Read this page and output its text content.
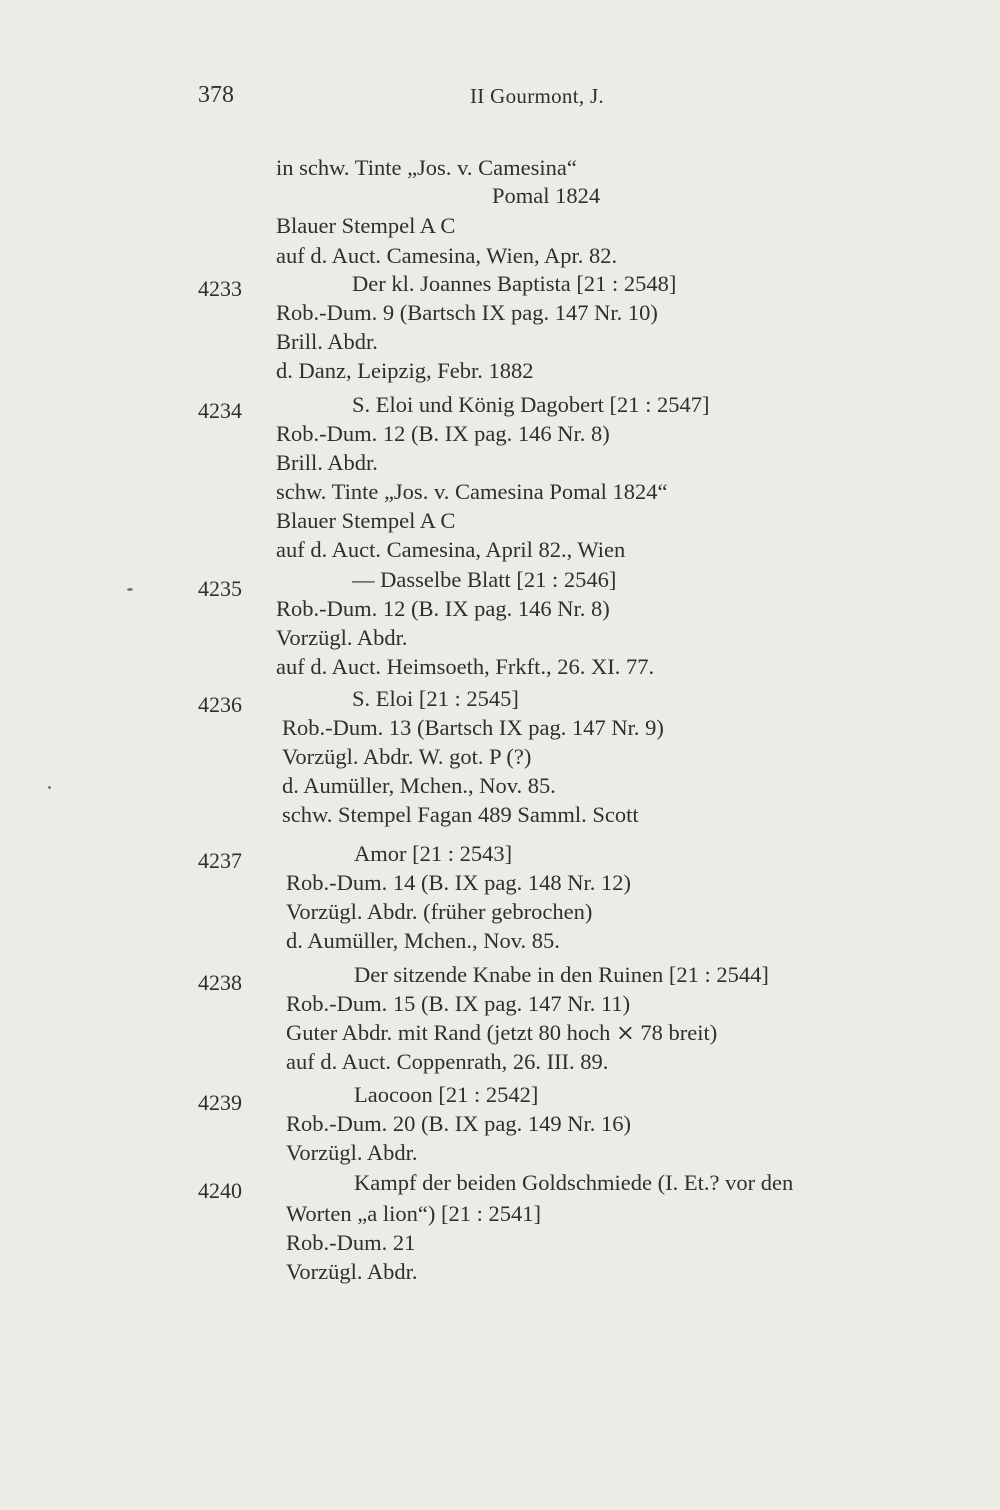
378	II Gourmont, J.
in schw. Tinte „Jos. v. Camesina“
Pomal 1824
Blauer Stempel A C
auf d. Auct. Camesina, Wien, Apr. 82.
4233	Der kl. Joannes Baptista [21 : 2548]
Rob.-Dum. 9 (Bartsch IX pag. 147 Nr. 10)
Brill. Abdr.
d. Danz, Leipzig, Febr. 1882
4234	S. Eloi und König Dagobert [21 : 2547]
Rob.-Dum. 12 (B. IX pag. 146 Nr. 8)
Brill. Abdr.
schw. Tinte „Jos. v. Camesina Pomal 1824“
Blauer Stempel A C
auf d. Auct. Camesina, April 82., Wien
4235	— Dasselbe Blatt [21 : 2546]
Rob.-Dum. 12 (B. IX pag. 146 Nr. 8)
Vorzügl. Abdr.
auf d. Auct. Heimsoeth, Frkft., 26. XI. 77.
4236	S. Eloi [21 : 2545]
Rob.-Dum. 13 (Bartsch IX pag. 147 Nr. 9)
Vorzügl. Abdr. W. got. P (?)
d. Aumüller, Mchen., Nov. 85.
schw. Stempel Fagan 489 Samml. Scott
4237	Amor [21 : 2543]
Rob.-Dum. 14 (B. IX pag. 148 Nr. 12)
Vorzügl. Abdr. (früher gebrochen)
d. Aumüller, Mchen., Nov. 85.
4238	Der sitzende Knabe in den Ruinen [21 : 2544]
Rob.-Dum. 15 (B. IX pag. 147 Nr. 11)
Guter Abdr. mit Rand (jetzt 80 hoch ⨯ 78 breit)
auf d. Auct. Coppenrath, 26. III. 89.
4239	Laocoon [21 : 2542]
Rob.-Dum. 20 (B. IX pag. 149 Nr. 16)
Vorzügl. Abdr.
4240	Kampf der beiden Goldschmiede (I. Et.? vor den
Worten „a lion“) [21 : 2541]
Rob.-Dum. 21
Vorzügl. Abdr.
